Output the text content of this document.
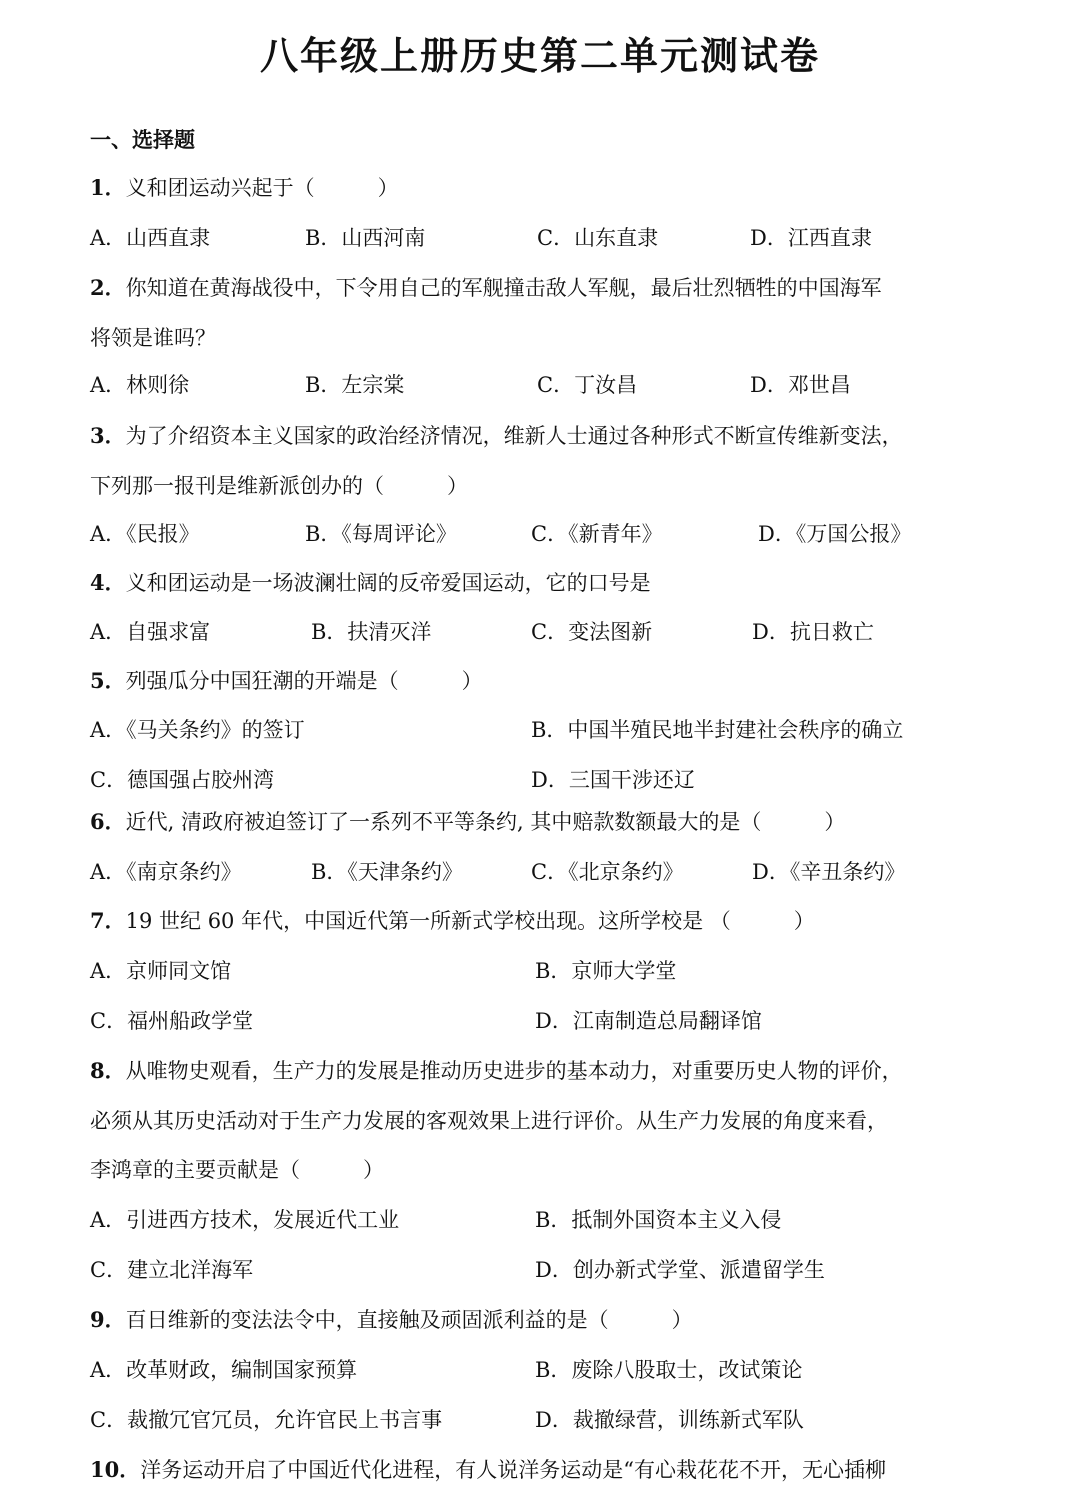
八年级上册历史第二单元测试卷
一、选择题
1．义和团运动兴起于（　　　）
A．山西直隶	B．山西河南	C．山东直隶	D．江西直隶
2．你知道在黄海战役中，下令用自己的军舰撞击敌人军舰，最后壮烈牺牲的中国海军
将领是谁吗？
A．林则徐	B．左宗棠	C．丁汝昌	D．邓世昌
3．为了介绍资本主义国家的政治经济情况，维新人士通过各种形式不断宣传维新变法，
下列那一报刊是维新派创办的（　　　）
A．《民报》	B．《每周评论》	C．《新青年》	D．《万国公报》
4．义和团运动是一场波澜壮阔的反帝爱国运动，它的口号是
A．自强求富	B．扶清灭洋	C．变法图新	D．抗日救亡
5．列强瓜分中国狂潮的开端是（　　　）
A．《马关条约》的签订	B．中国半殖民地半封建社会秩序的确立
C．德国强占胶州湾	D．三国干涉还辽
6．近代, 清政府被迫签订了一系列不平等条约, 其中赔款数额最大的是（　　　）
A．《南京条约》	B．《天津条约》	C．《北京条约》	D．《辛丑条约》
7．19 世纪 60 年代，中国近代第一所新式学校出现。这所学校是 （　　　）
A．京师同文馆	B．京师大学堂
C．福州船政学堂	D．江南制造总局翻译馆
8．从唯物史观看，生产力的发展是推动历史进步的基本动力，对重要历史人物的评价，
必须从其历史活动对于生产力发展的客观效果上进行评价。从生产力发展的角度来看，
李鸿章的主要贡献是（　　　）
A．引进西方技术，发展近代工业	B．抵制外国资本主义入侵
C．建立北洋海军	D．创办新式学堂、派遣留学生
9．百日维新的变法法令中，直接触及顽固派利益的是（　　　）
A．改革财政，编制国家预算	B．废除八股取士，改试策论
C．裁撤冗官冗员，允许官民上书言事	D．裁撤绿营，训练新式军队
10．洋务运动开启了中国近代化进程，有人说洋务运动是“有心栽花花不开，无心插柳
